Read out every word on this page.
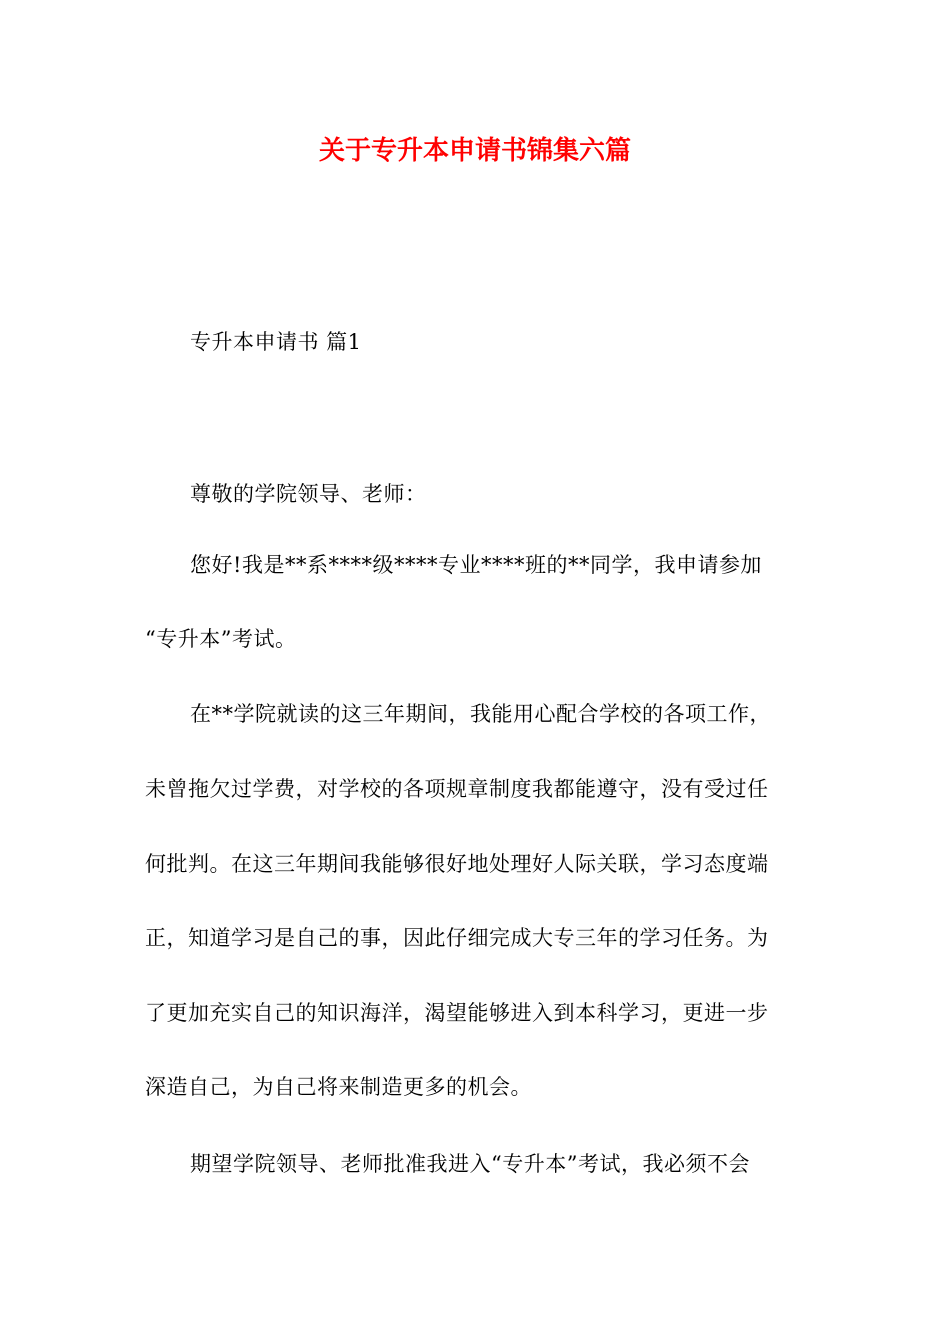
关于专升本申请书锦集六篇
专升本申请书 篇1
尊敬的学院领导、老师：
您好!我是**系****级****专业****班的**同学，我申请参加
“专升本”考试。
在**学院就读的这三年期间，我能用心配合学校的各项工作，
未曾拖欠过学费，对学校的各项规章制度我都能遵守，没有受过任
何批判。在这三年期间我能够很好地处理好人际关联，学习态度端
正，知道学习是自己的事，因此仔细完成大专三年的学习任务。为
了更加充实自己的知识海洋，渴望能够进入到本科学习，更进一步
深造自己，为自己将来制造更多的机会。
期望学院领导、老师批准我进入“专升本”考试，我必须不会
